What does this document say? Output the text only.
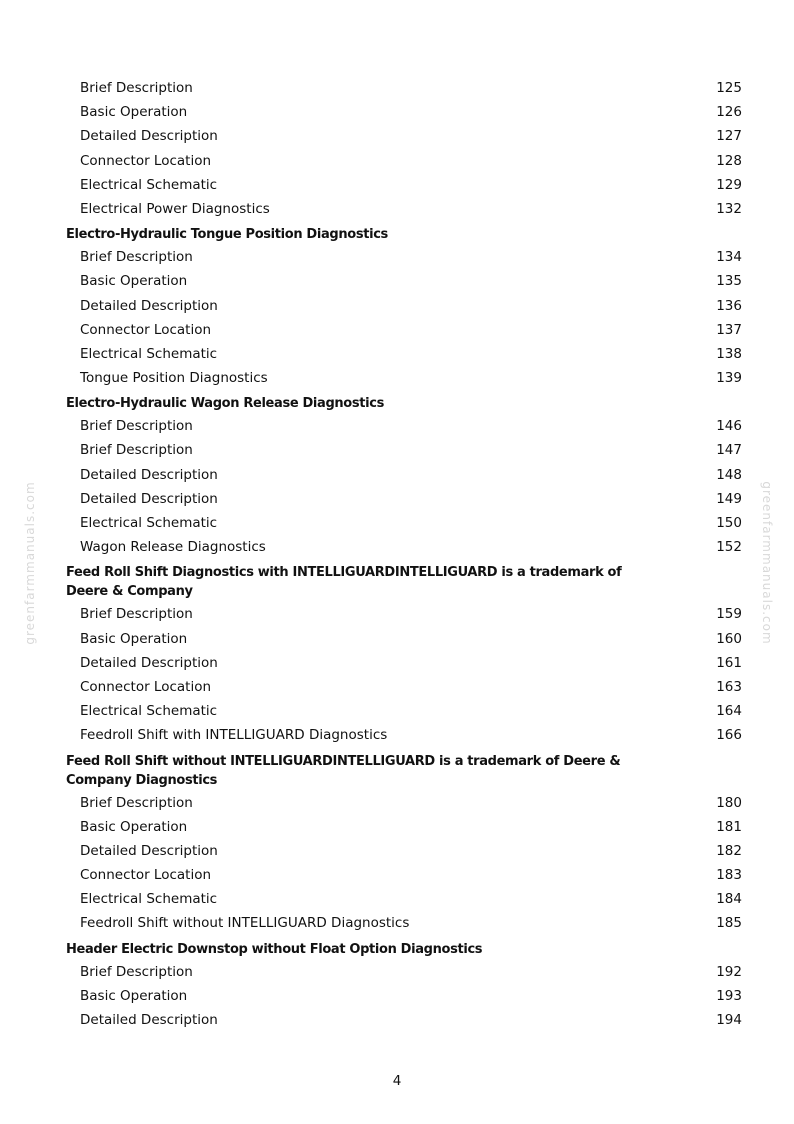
greenfarmmanuals.com	greenfarmmanuals.com
Brief Description	125
Basic Operation	126
Detailed Description	127
Connector Location	128
Electrical Schematic	129
Electrical Power Diagnostics	132
Electro-Hydraulic Tongue Position Diagnostics
Brief Description	134
Basic Operation	135
Detailed Description	136
Connector Location	137
Electrical Schematic	138
Tongue Position Diagnostics	139
Electro-Hydraulic Wagon Release Diagnostics
Brief Description	146
Brief Description	147
Detailed Description	148
Detailed Description	149
Electrical Schematic	150
Wagon Release Diagnostics	152
Feed Roll Shift Diagnostics with INTELLIGUARDINTELLIGUARD is a trademark of Deere & Company
Brief Description	159
Basic Operation	160
Detailed Description	161
Connector Location	163
Electrical Schematic	164
Feedroll Shift with INTELLIGUARD Diagnostics	166
Feed Roll Shift without INTELLIGUARDINTELLIGUARD is a trademark of Deere & Company Diagnostics
Brief Description	180
Basic Operation	181
Detailed Description	182
Connector Location	183
Electrical Schematic	184
Feedroll Shift without INTELLIGUARD Diagnostics	185
Header Electric Downstop without Float Option Diagnostics
Brief Description	192
Basic Operation	193
Detailed Description	194
4
